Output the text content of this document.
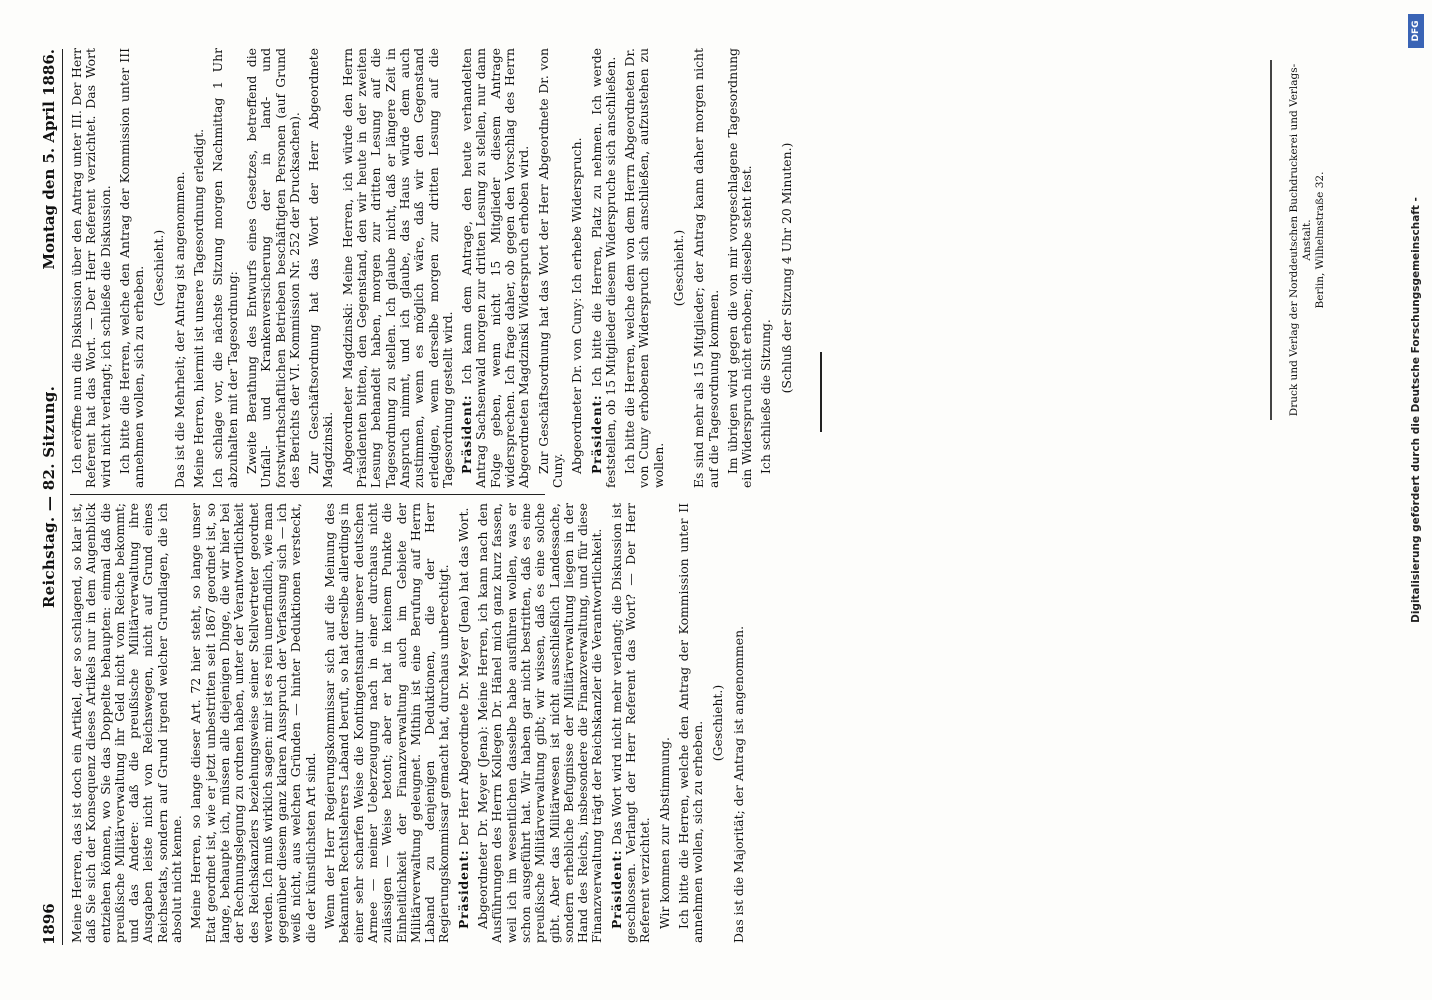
1896
Reichstag. — 82. Sitzung.
Montag den 5. April 1886.

Meine Herren, das ist doch ein Artikel, der so schlagend, so klar ist, daß Sie sich der Konsequenz dieses Artikels nur in dem Augenblick entziehen können, wo Sie das Doppelte behaupten: einmal daß die preußische Militärverwaltung ihr Geld nicht vom Reiche bekommt; und das Andere: daß die preußische Militärverwaltung ihre Ausgaben leiste nicht von Reichswegen, nicht auf Grund eines Reichsetats, sondern auf Grund irgend welcher Grundlagen, die ich absolut nicht kenne. Meine Herren, so lange dieser Art. 72 hier steht, so lange unser Etat geordnet ist, wie er jetzt unbestritten seit 1867 geordnet ist, so lange, behaupte ich, müssen alle diejenigen Dinge, die wir hier bei der Rechnungslegung zu ordnen haben, unter der Verantwortlichkeit des Reichskanzlers beziehungsweise seiner Stellvertreter geordnet werden. Ich muß wirklich sagen: mir ist es rein unerfindlich, wie man gegenüber diesem ganz klaren Ausspruch der Verfassung sich — ich weiß nicht, aus welchen Gründen — hinter Deduktionen versteckt, die der künstlichsten Art sind. Wenn der Herr Regierungskommissar sich auf die Meinung des bekannten Rechtslehrers Laband beruft, so hat derselbe allerdings in einer sehr scharfen Weise die Kontingentsnatur unserer deutschen Armee — meiner Ueberzeugung nach in einer durchaus nicht zulässigen — Weise betont; aber er hat in keinem Punkte die Einheitlichkeit der Finanzverwaltung auch im Gebiete der Militärverwaltung geleugnet. Mithin ist eine Berufung auf Herrn Laband zu denjenigen Deduktionen, die der Herr Regierungskommissar gemacht hat, durchaus unberechtigt. Präsident: Der Herr Abgeordnete Dr. Meyer (Jena) hat das Wort. Abgeordneter Dr. Meyer (Jena): Meine Herren, ich kann nach den Ausführungen des Herrn Kollegen Dr. Hänel mich ganz kurz fassen, weil ich im wesentlichen dasselbe habe ausführen wollen, was er schon ausgeführt hat. Wir haben gar nicht bestritten, daß es eine preußische Militärverwaltung gibt; wir wissen, daß es eine solche gibt. Aber das Militärwesen ist nicht ausschließlich Landessache, sondern erhebliche Befugnisse der Militärverwaltung liegen in der Hand des Reichs, insbesondere die Finanzverwaltung, und für diese Finanzverwaltung trägt der Reichskanzler die Verantwortlichkeit. Präsident: Das Wort wird nicht mehr verlangt; die Diskussion ist geschlossen. Verlangt der Herr Referent das Wort? — Der Herr Referent verzichtet. Wir kommen zur Abstimmung. Ich bitte die Herren, welche den Antrag der Kommission unter II annehmen wollen, sich zu erheben. (Geschieht.) Das ist die Majorität; der Antrag ist angenommen.

Ich eröffne nun die Diskussion über den Antrag unter III. Der Herr Referent hat das Wort. — Der Herr Referent verzichtet. Das Wort wird nicht verlangt; ich schließe die Diskussion. Ich bitte die Herren, welche den Antrag der Kommission unter III annehmen wollen, sich zu erheben. (Geschieht.) Das ist die Mehrheit; der Antrag ist angenommen. Meine Herren, hiermit ist unsere Tagesordnung erledigt. Ich schlage vor, die nächste Sitzung morgen Nachmittag 1 Uhr abzuhalten mit der Tagesordnung: Zweite Berathung des Entwurfs eines Gesetzes, betreffend die Unfall- und Krankenversicherung der in land- und forstwirthschaftlichen Betrieben beschäftigten Personen (auf Grund des Berichts der VI. Kommission Nr. 252 der Drucksachen). Zur Geschäftsordnung hat das Wort der Herr Abgeordnete Magdzinski. Abgeordneter Magdzinski: Meine Herren, ich würde den Herrn Präsidenten bitten, den Gegenstand, den wir heute in der zweiten Lesung behandelt haben, morgen zur dritten Lesung auf die Tagesordnung zu stellen. Ich glaube nicht, daß er längere Zeit in Anspruch nimmt, und ich glaube, das Haus würde dem auch zustimmen, wenn es möglich wäre, daß wir den Gegenstand erledigen, wenn derselbe morgen zur dritten Lesung auf die Tagesordnung gestellt wird. Präsident: Ich kann dem Antrage, den heute verhandelten Antrag Sachsenwald morgen zur dritten Lesung zu stellen, nur dann Folge geben, wenn nicht 15 Mitglieder diesem Antrage widersprechen. Ich frage daher, ob gegen den Vorschlag des Herrn Abgeordneten Magdzinski Widerspruch erhoben wird. Zur Geschäftsordnung hat das Wort der Herr Abgeordnete Dr. von Cuny. Abgeordneter Dr. von Cuny: Ich erhebe Widerspruch.

Präsident: Ich bitte die Herren, Platz zu nehmen. Ich werde feststellen, ob 15 Mitglieder diesem Widerspruche sich anschließen. Ich bitte die Herren, welche dem von dem Herrn Abgeordneten Dr. von Cuny erhobenen Widerspruch sich anschließen, aufzustehen zu wollen.

(Geschieht.) Es sind mehr als 15 Mitglieder; der Antrag kann daher morgen nicht auf die Tagesordnung kommen. Im übrigen wird gegen die von mir vorgeschlagene Tagesordnung ein Widerspruch nicht erhoben; dieselbe steht fest. Ich schließe die Sitzung.

(Schluß der Sitzung 4 Uhr 20 Minuten.)	Druck und Verlag der Norddeutschen Buchdruckerei und Verlags-Anstalt. Berlin, Wilhelmstraße 32.	Digitalisierung gefördert durch die Deutsche Forschungsgemeinschaft -
DFG
